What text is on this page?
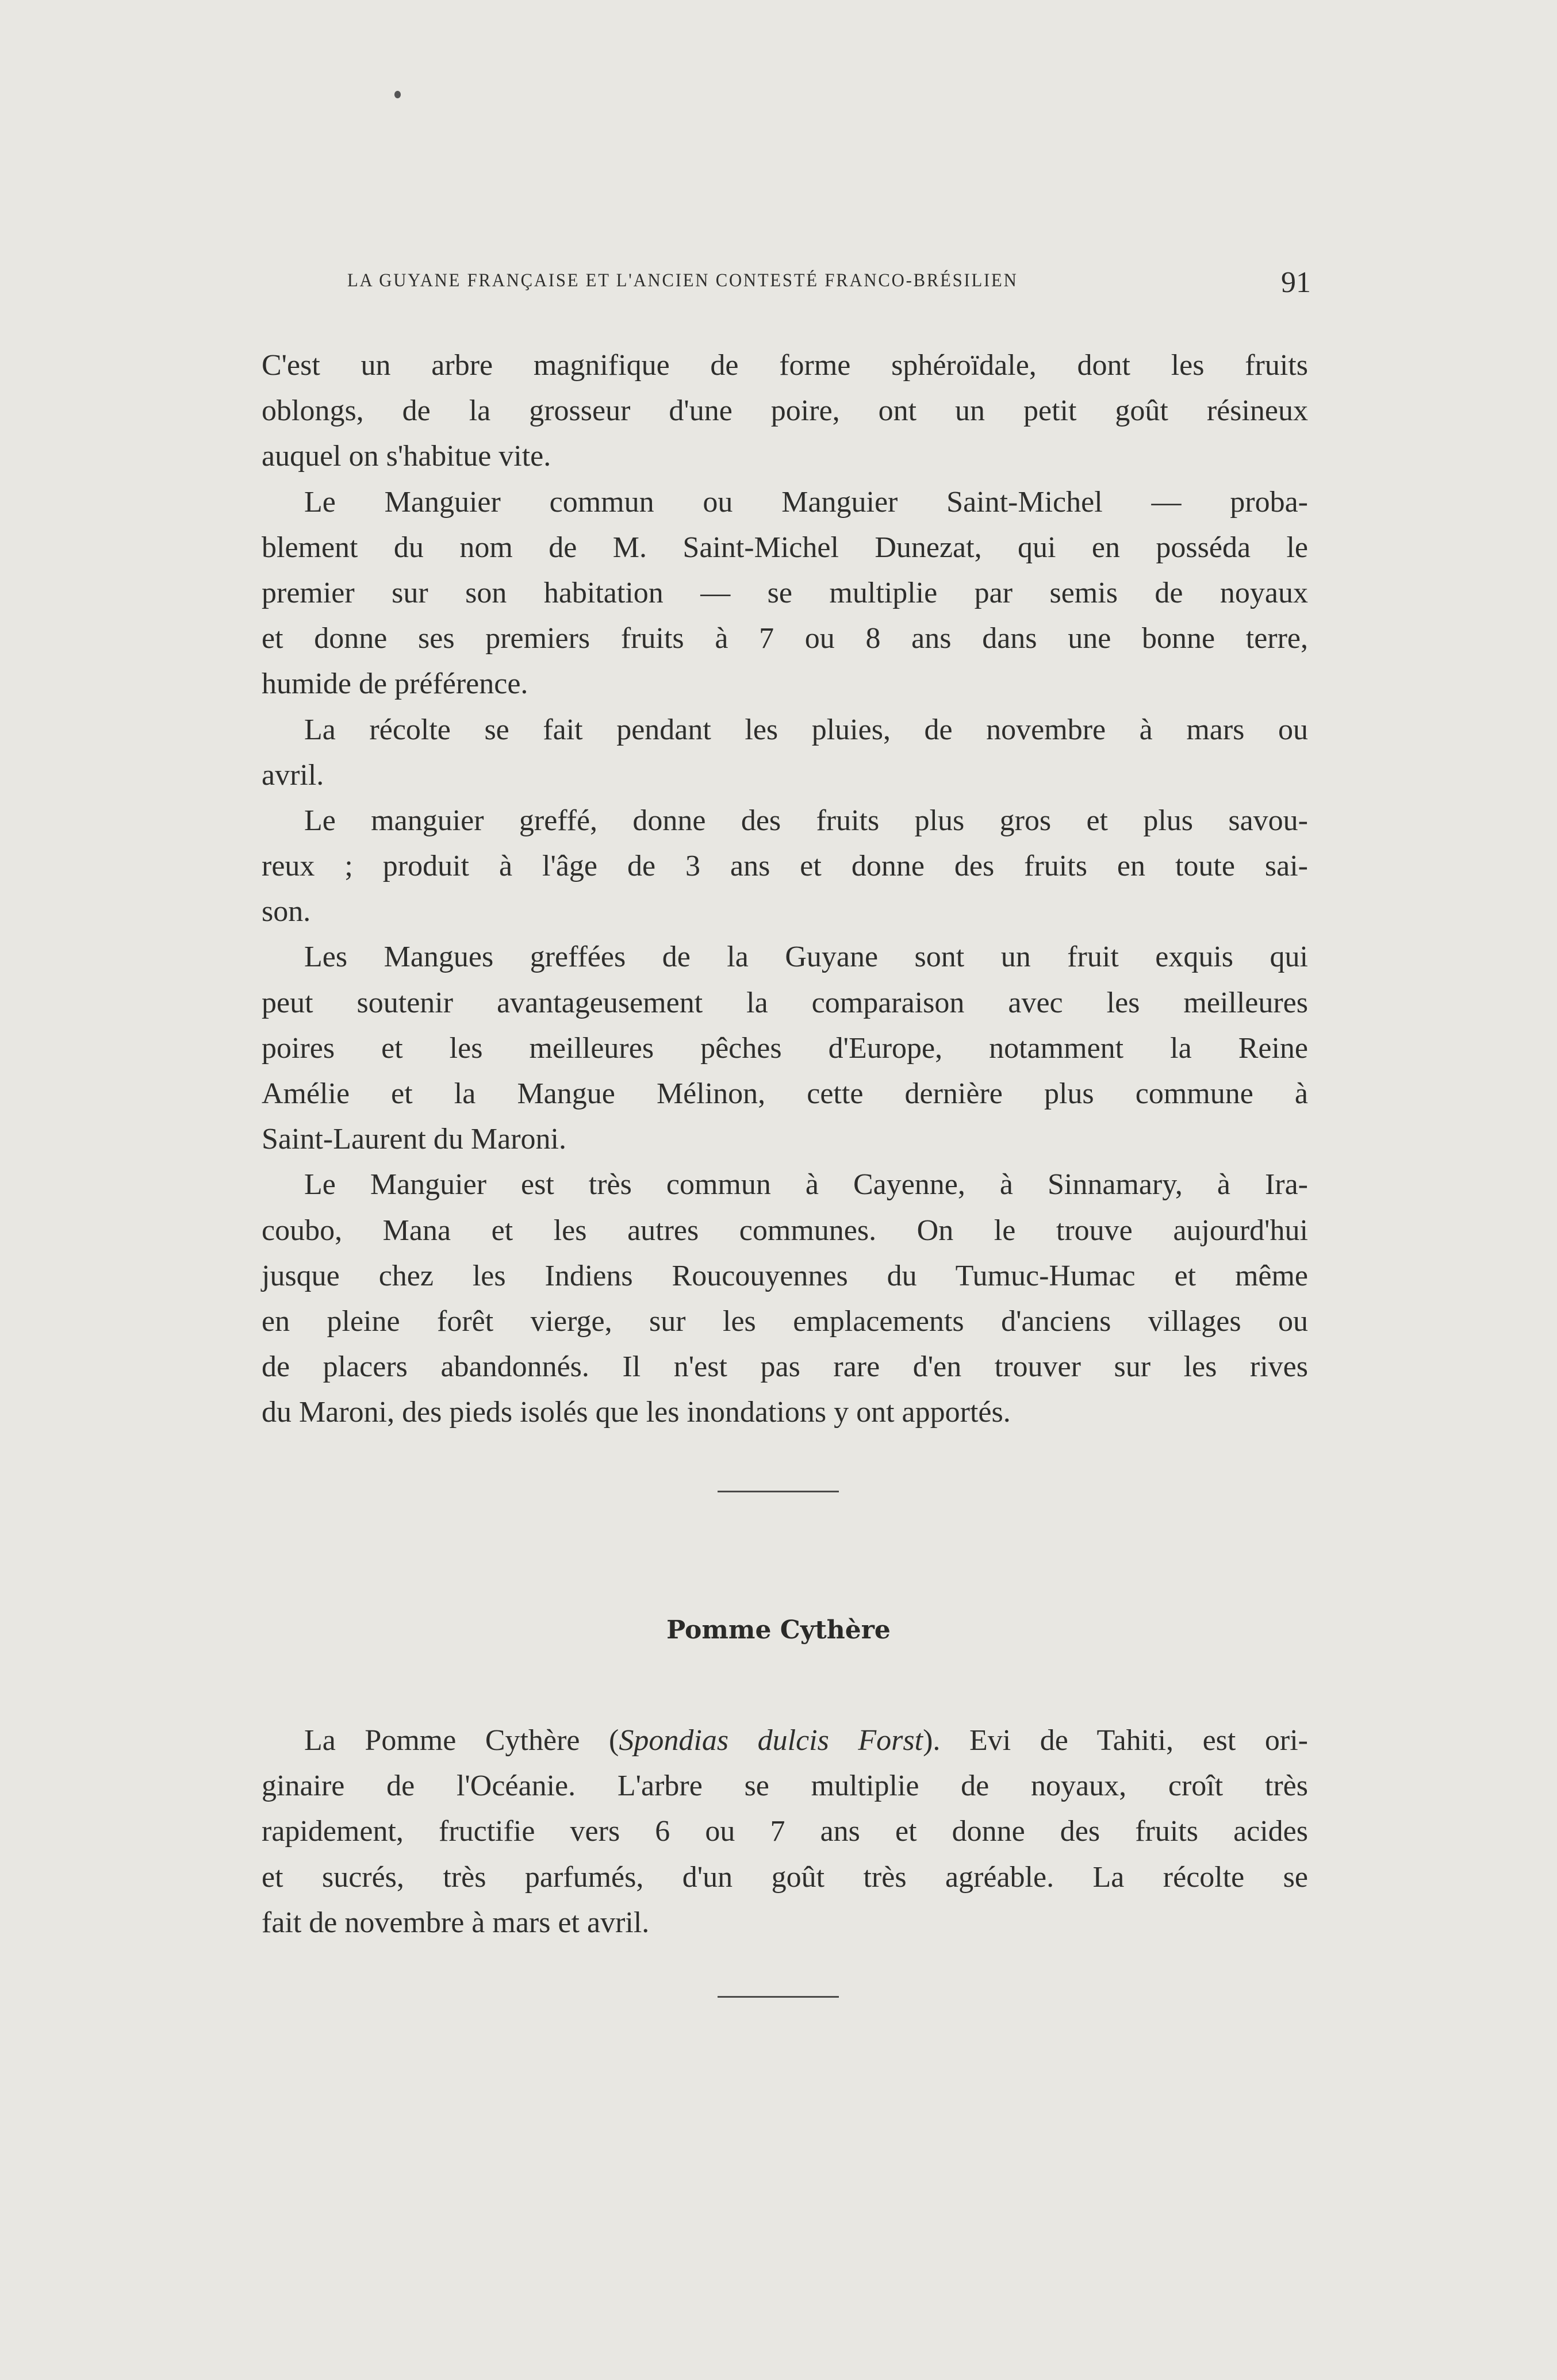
LA GUYANE FRANÇAISE ET L'ANCIEN CONTESTÉ FRANCO-BRÉSILIEN	91
C'est un arbre magnifique de forme sphéroïdale, dont les fruits
oblongs, de la grosseur d'une poire, ont un petit goût résineux
auquel on s'habitue vite.
Le Manguier commun ou Manguier Saint-Michel — proba-
blement du nom de M. Saint-Michel Dunezat, qui en posséda le
premier sur son habitation — se multiplie par semis de noyaux
et donne ses premiers fruits à 7 ou 8 ans dans une bonne terre,
humide de préférence.
La récolte se fait pendant les pluies, de novembre à mars ou
avril.
Le manguier greffé, donne des fruits plus gros et plus savou-
reux ; produit à l'âge de 3 ans et donne des fruits en toute sai-
son.
Les Mangues greffées de la Guyane sont un fruit exquis qui
peut soutenir avantageusement la comparaison avec les meilleures
poires et les meilleures pêches d'Europe, notamment la Reine
Amélie et la Mangue Mélinon, cette dernière plus commune à
Saint-Laurent du Maroni.
Le Manguier est très commun à Cayenne, à Sinnamary, à Ira-
coubo, Mana et les autres communes. On le trouve aujourd'hui
jusque chez les Indiens Roucouyennes du Tumuc-Humac et même
en pleine forêt vierge, sur les emplacements d'anciens villages ou
de placers abandonnés. Il n'est pas rare d'en trouver sur les rives
du Maroni, des pieds isolés que les inondations y ont apportés.
Pomme Cythère
La Pomme Cythère (Spondias dulcis Forst). Evi de Tahiti, est ori-
ginaire de l'Océanie. L'arbre se multiplie de noyaux, croît très
rapidement, fructifie vers 6 ou 7 ans et donne des fruits acides
et sucrés, très parfumés, d'un goût très agréable. La récolte se
fait de novembre à mars et avril.
